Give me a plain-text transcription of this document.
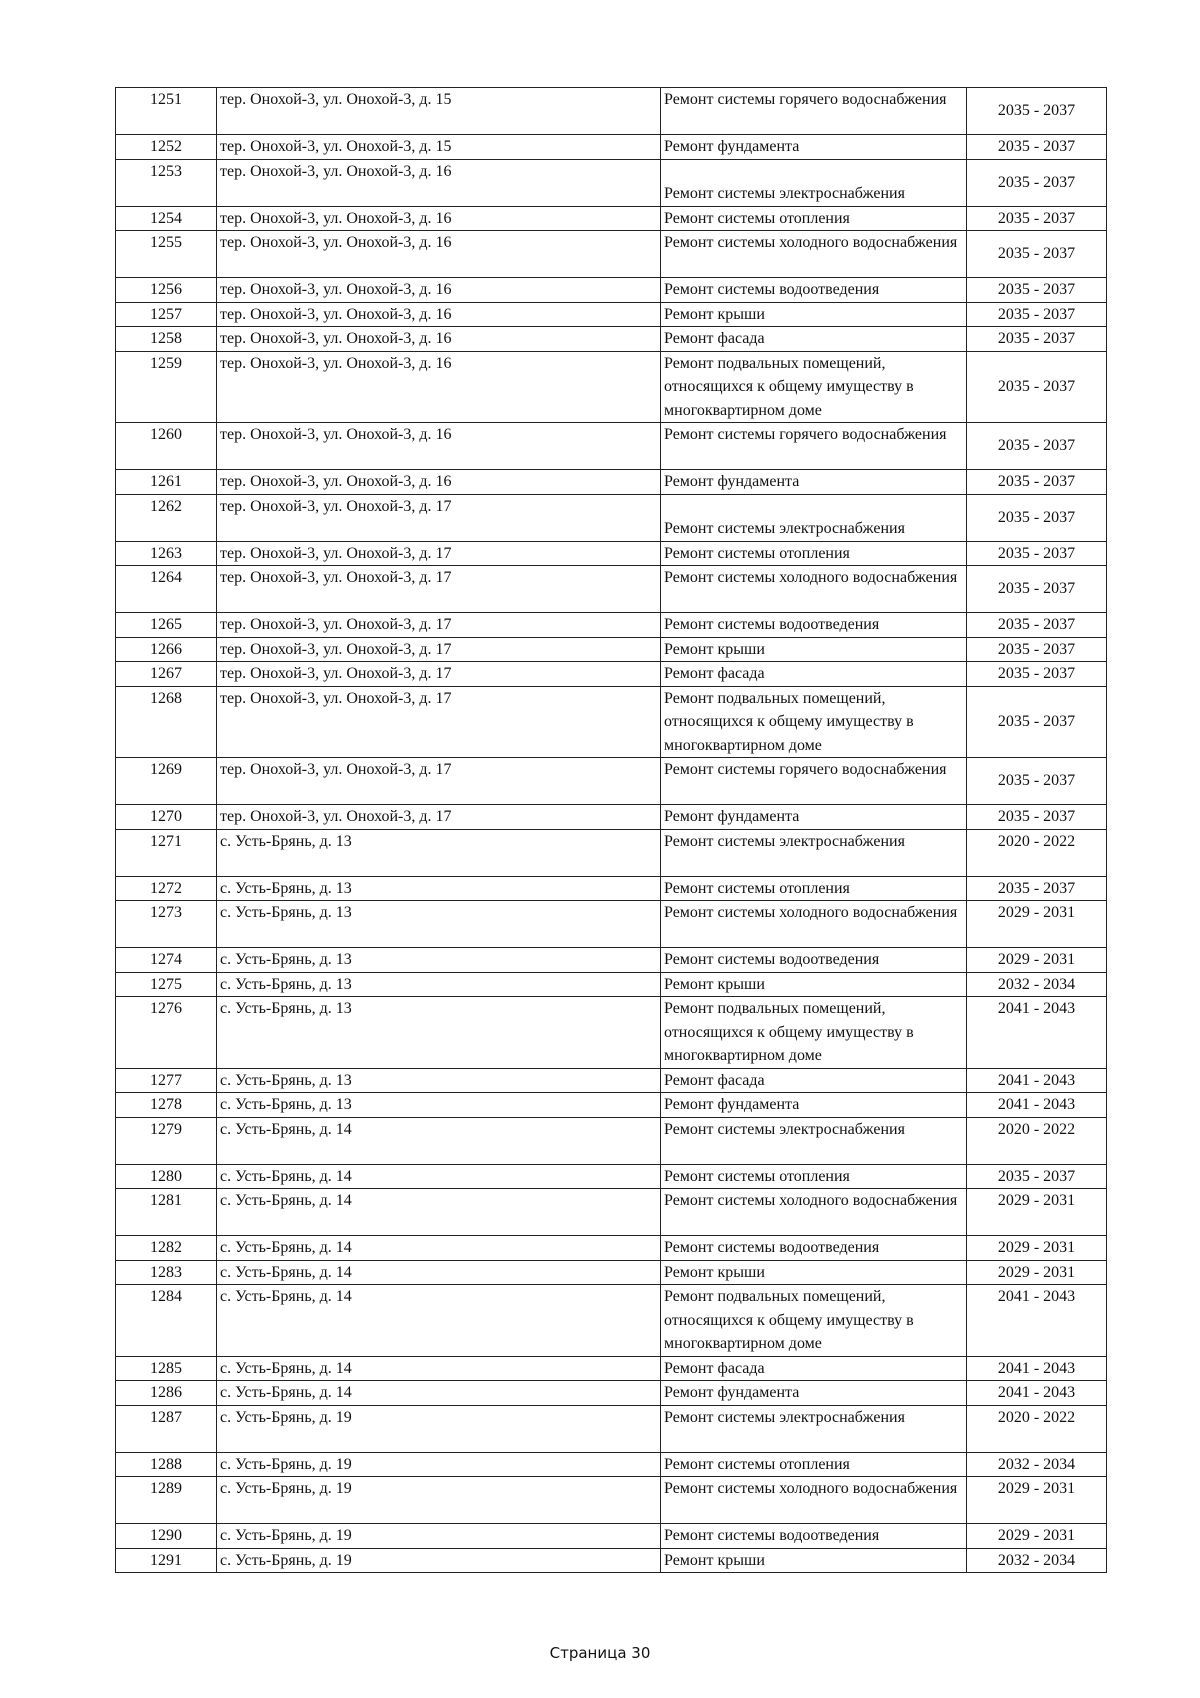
1251	тер. Онохой-3, ул. Онохой-3, д. 15	Ремонт системы горячего водоснабжения	2035 - 2037
1252	тер. Онохой-3, ул. Онохой-3, д. 15	Ремонт фундамента	2035 - 2037
1253	тер. Онохой-3, ул. Онохой-3, д. 16	Ремонт системы электроснабжения	2035 - 2037
1254	тер. Онохой-3, ул. Онохой-3, д. 16	Ремонт системы отопления	2035 - 2037
1255	тер. Онохой-3, ул. Онохой-3, д. 16	Ремонт системы холодного водоснабжения	2035 - 2037
1256	тер. Онохой-3, ул. Онохой-3, д. 16	Ремонт системы водоотведения	2035 - 2037
1257	тер. Онохой-3, ул. Онохой-3, д. 16	Ремонт крыши	2035 - 2037
1258	тер. Онохой-3, ул. Онохой-3, д. 16	Ремонт фасада	2035 - 2037
1259	тер. Онохой-3, ул. Онохой-3, д. 16	Ремонт подвальных помещений, относящихся к общему имуществу в многоквартирном доме	2035 - 2037
1260	тер. Онохой-3, ул. Онохой-3, д. 16	Ремонт системы горячего водоснабжения	2035 - 2037
1261	тер. Онохой-3, ул. Онохой-3, д. 16	Ремонт фундамента	2035 - 2037
1262	тер. Онохой-3, ул. Онохой-3, д. 17	Ремонт системы электроснабжения	2035 - 2037
1263	тер. Онохой-3, ул. Онохой-3, д. 17	Ремонт системы отопления	2035 - 2037
1264	тер. Онохой-3, ул. Онохой-3, д. 17	Ремонт системы холодного водоснабжения	2035 - 2037
1265	тер. Онохой-3, ул. Онохой-3, д. 17	Ремонт системы водоотведения	2035 - 2037
1266	тер. Онохой-3, ул. Онохой-3, д. 17	Ремонт крыши	2035 - 2037
1267	тер. Онохой-3, ул. Онохой-3, д. 17	Ремонт фасада	2035 - 2037
1268	тер. Онохой-3, ул. Онохой-3, д. 17	Ремонт подвальных помещений, относящихся к общему имуществу в многоквартирном доме	2035 - 2037
1269	тер. Онохой-3, ул. Онохой-3, д. 17	Ремонт системы горячего водоснабжения	2035 - 2037
1270	тер. Онохой-3, ул. Онохой-3, д. 17	Ремонт фундамента	2035 - 2037
1271	с. Усть-Брянь, д. 13	Ремонт системы электроснабжения	2020 - 2022
1272	с. Усть-Брянь, д. 13	Ремонт системы отопления	2035 - 2037
1273	с. Усть-Брянь, д. 13	Ремонт системы холодного водоснабжения	2029 - 2031
1274	с. Усть-Брянь, д. 13	Ремонт системы водоотведения	2029 - 2031
1275	с. Усть-Брянь, д. 13	Ремонт крыши	2032 - 2034
1276	с. Усть-Брянь, д. 13	Ремонт подвальных помещений, относящихся к общему имуществу в многоквартирном доме	2041 - 2043
1277	с. Усть-Брянь, д. 13	Ремонт фасада	2041 - 2043
1278	с. Усть-Брянь, д. 13	Ремонт фундамента	2041 - 2043
1279	с. Усть-Брянь, д. 14	Ремонт системы электроснабжения	2020 - 2022
1280	с. Усть-Брянь, д. 14	Ремонт системы отопления	2035 - 2037
1281	с. Усть-Брянь, д. 14	Ремонт системы холодного водоснабжения	2029 - 2031
1282	с. Усть-Брянь, д. 14	Ремонт системы водоотведения	2029 - 2031
1283	с. Усть-Брянь, д. 14	Ремонт крыши	2029 - 2031
1284	с. Усть-Брянь, д. 14	Ремонт подвальных помещений, относящихся к общему имуществу в многоквартирном доме	2041 - 2043
1285	с. Усть-Брянь, д. 14	Ремонт фасада	2041 - 2043
1286	с. Усть-Брянь, д. 14	Ремонт фундамента	2041 - 2043
1287	с. Усть-Брянь, д. 19	Ремонт системы электроснабжения	2020 - 2022
1288	с. Усть-Брянь, д. 19	Ремонт системы отопления	2032 - 2034
1289	с. Усть-Брянь, д. 19	Ремонт системы холодного водоснабжения	2029 - 2031
1290	с. Усть-Брянь, д. 19	Ремонт системы водоотведения	2029 - 2031
1291	с. Усть-Брянь, д. 19	Ремонт крыши	2032 - 2034
Страница 30
